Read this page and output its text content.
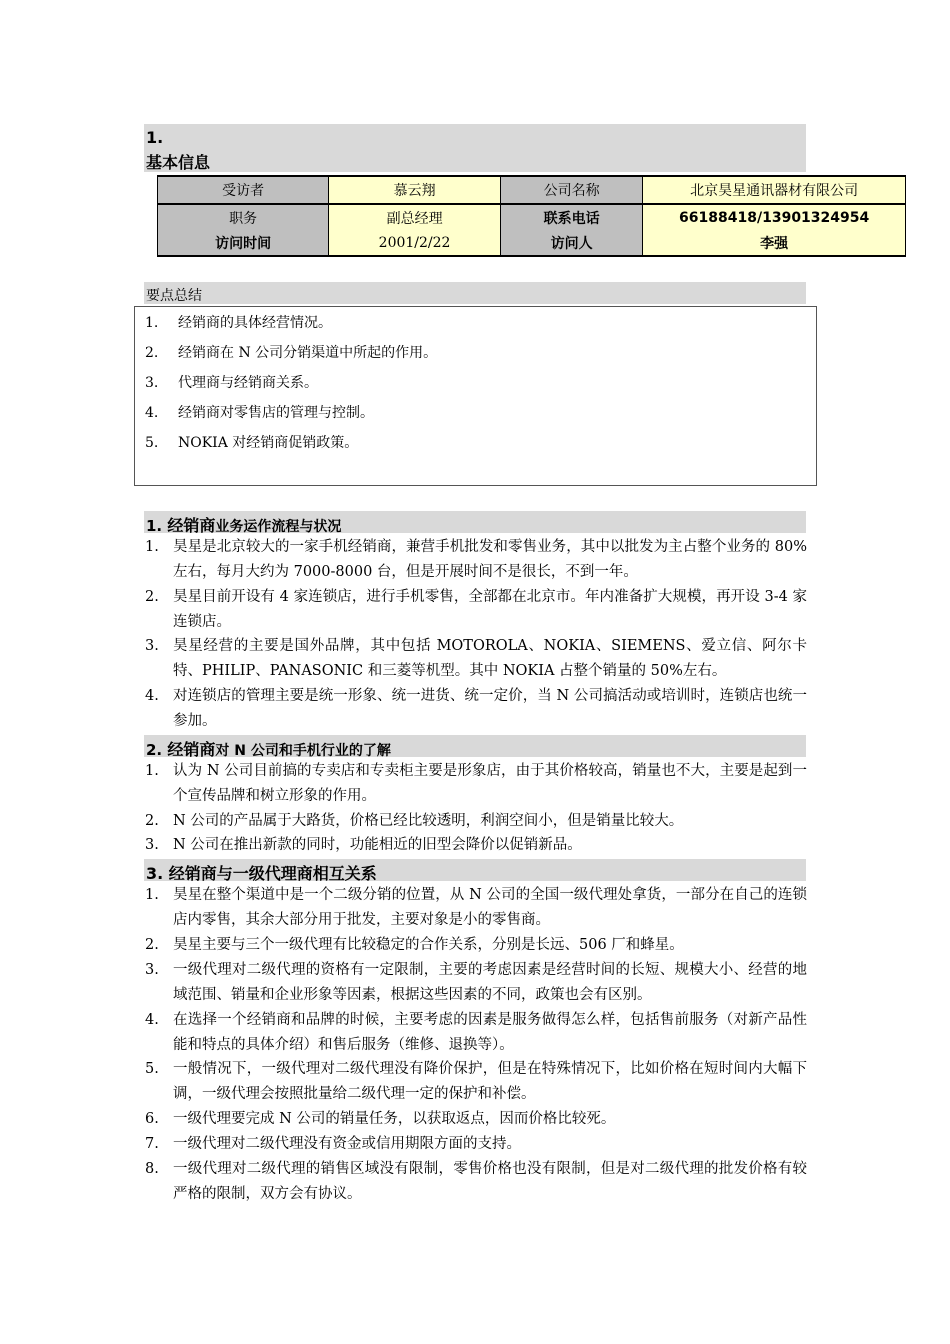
1.
基本信息
受访者	慕云翔	公司名称	北京昊星通讯器材有限公司
职务	副总经理	联系电话	66188418/13901324954
访问时间	2001/2/22	访问人	李强
要点总结
1. 经销商的具体经营情况。
2. 经销商在 N 公司分销渠道中所起的作用。
3. 代理商与经销商关系。
4. 经销商对零售店的管理与控制。
5. NOKIA 对经销商促销政策。
1. 经销商业务运作流程与状况
1. 昊星是北京较大的一家手机经销商，兼营手机批发和零售业务，其中以批发为主占整个业务的 80%左右，每月大约为 7000-8000 台，但是开展时间不是很长，不到一年。
2. 昊星目前开设有 4 家连锁店，进行手机零售，全部都在北京市。年内准备扩大规模，再开设 3-4 家连锁店。
3. 昊星经营的主要是国外品牌，其中包括 MOTOROLA、NOKIA、SIEMENS、爱立信、阿尔卡特、PHILIP、PANASONIC 和三菱等机型。其中 NOKIA 占整个销量的 50%左右。
4. 对连锁店的管理主要是统一形象、统一进货、统一定价，当 N 公司搞活动或培训时，连锁店也统一参加。
2. 经销商对 N 公司和手机行业的了解
1. 认为 N 公司目前搞的专卖店和专卖柜主要是形象店，由于其价格较高，销量也不大，主要是起到一个宣传品牌和树立形象的作用。
2. N 公司的产品属于大路货，价格已经比较透明，利润空间小，但是销量比较大。
3. N 公司在推出新款的同时，功能相近的旧型会降价以促销新品。
3. 经销商与一级代理商相互关系
1. 昊星在整个渠道中是一个二级分销的位置，从 N 公司的全国一级代理处拿货，一部分在自己的连锁店内零售，其余大部分用于批发，主要对象是小的零售商。
2. 昊星主要与三个一级代理有比较稳定的合作关系，分别是长远、506 厂和蜂星。
3. 一级代理对二级代理的资格有一定限制，主要的考虑因素是经营时间的长短、规模大小、经营的地域范围、销量和企业形象等因素，根据这些因素的不同，政策也会有区别。
4. 在选择一个经销商和品牌的时候，主要考虑的因素是服务做得怎么样，包括售前服务（对新产品性能和特点的具体介绍）和售后服务（维修、退换等）。
5. 一般情况下，一级代理对二级代理没有降价保护，但是在特殊情况下，比如价格在短时间内大幅下调，一级代理会按照批量给二级代理一定的保护和补偿。
6. 一级代理要完成 N 公司的销量任务，以获取返点，因而价格比较死。
7. 一级代理对二级代理没有资金或信用期限方面的支持。
8. 一级代理对二级代理的销售区域没有限制，零售价格也没有限制，但是对二级代理的批发价格有较严格的限制，双方会有协议。
